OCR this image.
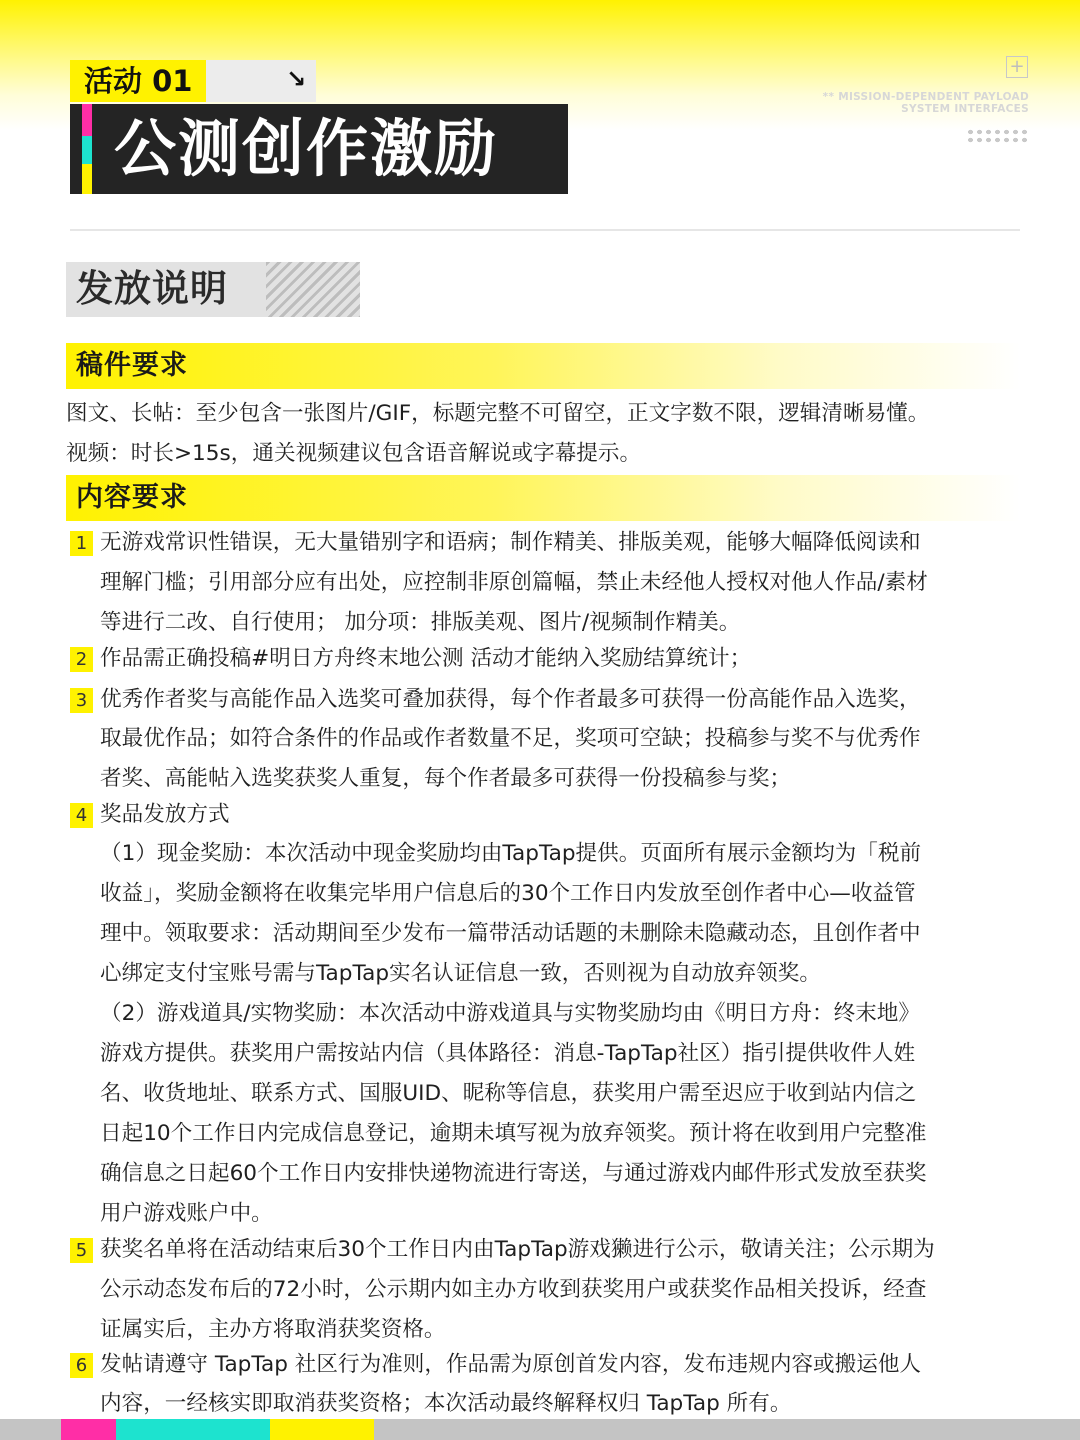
活动 01	↘
公测创作激励
+
** MISSION-DEPENDENT PAYLOAD
SYSTEM INTERFACES
发放说明
稿件要求
图文、长帖：至少包含一张图片/GIF，标题完整不可留空，正文字数不限，逻辑清晰易懂。
视频：时长>15s，通关视频建议包含语音解说或字幕提示。
内容要求
1 无游戏常识性错误，无大量错别字和语病；制作精美、排版美观，能够大幅降低阅读和
理解门槛；引用部分应有出处，应控制非原创篇幅，禁止未经他人授权对他人作品/素材
等进行二改、自行使用； 加分项：排版美观、图片/视频制作精美。
2 作品需正确投稿#明日方舟终末地公测 活动才能纳入奖励结算统计；
3 优秀作者奖与高能作品入选奖可叠加获得，每个作者最多可获得一份高能作品入选奖，
取最优作品；如符合条件的作品或作者数量不足，奖项可空缺；投稿参与奖不与优秀作
者奖、高能帖入选奖获奖人重复，每个作者最多可获得一份投稿参与奖；
4 奖品发放方式
（1）现金奖励：本次活动中现金奖励均由TapTap提供。页面所有展示金额均为「税前
收益」，奖励金额将在收集完毕用户信息后的30个工作日内发放至创作者中心—收益管
理中。领取要求：活动期间至少发布一篇带活动话题的未删除未隐藏动态，且创作者中
心绑定支付宝账号需与TapTap实名认证信息一致，否则视为自动放弃领奖。
（2）游戏道具/实物奖励：本次活动中游戏道具与实物奖励均由《明日方舟：终末地》
游戏方提供。获奖用户需按站内信（具体路径：消息-TapTap社区）指引提供收件人姓
名、收货地址、联系方式、国服UID、昵称等信息，获奖用户需至迟应于收到站内信之
日起10个工作日内完成信息登记，逾期未填写视为放弃领奖。预计将在收到用户完整准
确信息之日起60个工作日内安排快递物流进行寄送，与通过游戏内邮件形式发放至获奖
用户游戏账户中。
5 获奖名单将在活动结束后30个工作日内由TapTap游戏獭进行公示，敬请关注；公示期为
公示动态发布后的72小时，公示期内如主办方收到获奖用户或获奖作品相关投诉，经查
证属实后，主办方将取消获奖资格。
6 发帖请遵守 TapTap 社区行为准则，作品需为原创首发内容，发布违规内容或搬运他人
内容，一经核实即取消获奖资格；本次活动最终解释权归 TapTap 所有。
